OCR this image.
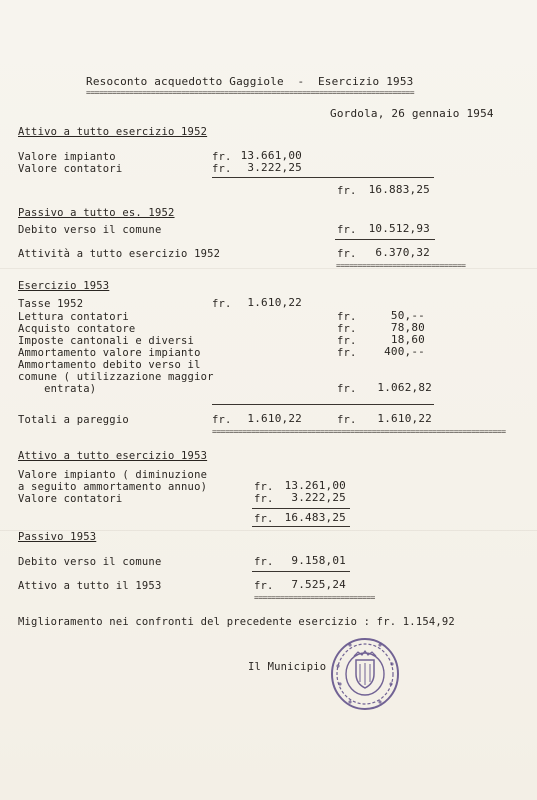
Resoconto acquedotto Gaggiole  -  Esercizio 1953
============================================================================
Gordola, 26 gennaio 1954
Attivo a tutto esercizio 1952
Valore impianto	fr. 13.661,00
Valore contatori	fr.	3.222,25
fr.	16.883,25
Passivo a tutto es. 1952
Debito verso il comune	fr.	10.512,93
Attività a tutto esercizio 1952	fr.	6.370,32
==============================
Esercizio 1953
Tasse 1952	fr.	1.610,22
Lettura contatori	fr.	50,--
Acquisto contatore	fr.	78,80
Imposte cantonali e diversi	fr.	18,60
Ammortamento valore impianto	fr.	400,--
Ammortamento debito verso il
comune ( utilizzazione maggior
entrata)	fr.	1.062,82
Totali a pareggio	fr.	1.610,22	fr.	1.610,22
====================================================================
Attivo a tutto esercizio 1953
Valore impianto ( diminuzione
a seguito ammortamento annuo)	fr.	13.261,00
Valore contatori	fr.	3.222,25
fr.	16.483,25
Passivo 1953
Debito verso il comune	fr.	9.158,01
Attivo a tutto il 1953	fr.	7.525,24
============================
Miglioramento nei confronti del precedente esercizio : fr. 1.154,92
Il Municipio
